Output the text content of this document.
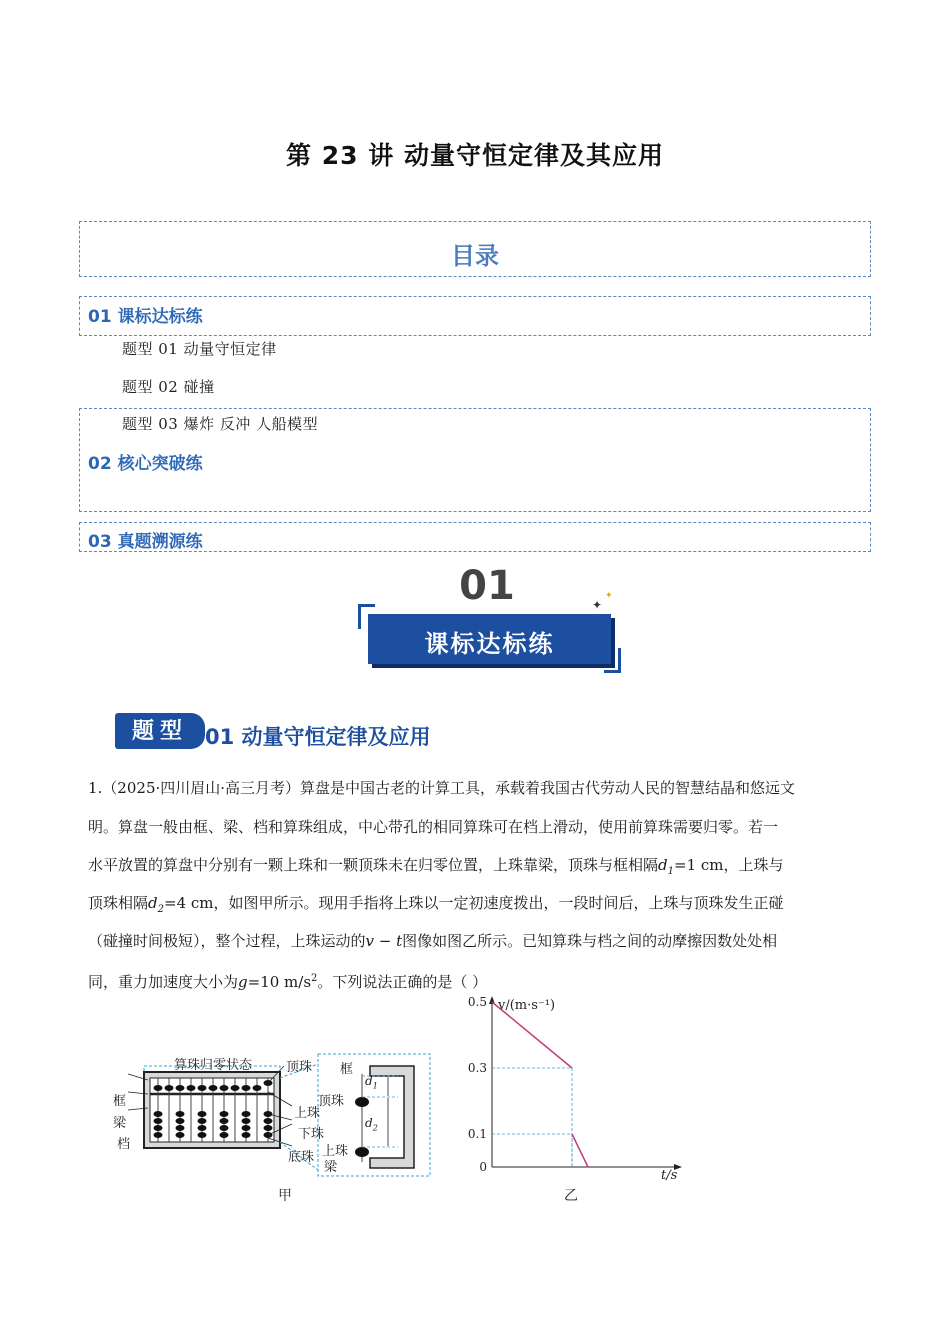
第 23 讲 动量守恒定律及其应用
目录
01 课标达标练
题型 01 动量守恒定律
题型 02 碰撞
题型 03 爆炸 反冲 人船模型
02 核心突破练
03 真题溯源练
01	✦
✦
课标达标练
题型 01 动量守恒定律及应用
1.（2025·四川眉山·高三月考）算盘是中国古老的计算工具，承载着我国古代劳动人民的智慧结晶和悠远文
明。算盘一般由框、梁、档和算珠组成，中心带孔的相同算珠可在档上滑动，使用前算珠需要归零。若一
水平放置的算盘中分别有一颗上珠和一颗顶珠未在归零位置，上珠靠梁，顶珠与框相隔$d_1=1$ cm，上珠与
顶珠相隔$d_2=4$ cm，如图甲所示。现用手指将上珠以一定初速度拨出，一段时间后，上珠与顶珠发生正碰
（碰撞时间极短），整个过程，上珠运动的v − t图像如图乙所示。已知算珠与档之间的动摩擦因数处处相
同，重力加速度大小为g=10 $m/s^2$。下列说法正确的是（ ）
算珠归零状态	顶珠
框
梁
档
上珠
下珠
底珠
框
顶珠
上珠
梁
$d_1$
$d_2$
甲
0.5
0.3
0.1
0
v/(m·s⁻¹)
t/s
乙
